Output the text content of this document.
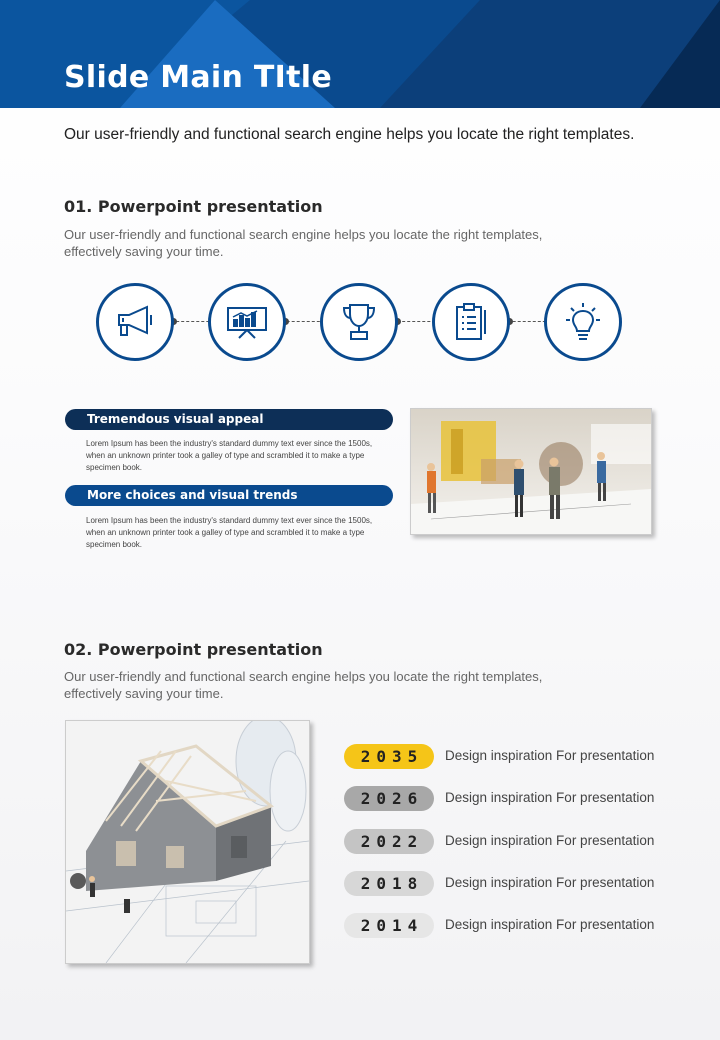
Slide Main TItle
Our user-friendly and functional search engine helps you locate the right templates.
01. Powerpoint presentation
Our user-friendly and functional search engine helps you locate the right templates, effectively saving your time.
Tremendous visual appeal
Lorem Ipsum has been the industry's standard dummy text ever since the 1500s, when an unknown printer took a galley of type and scrambled it to make a type specimen book.
More choices and visual trends
Lorem Ipsum has been the industry's standard dummy text ever since the 1500s, when an unknown printer took a galley of type and scrambled it to make a type specimen book.
02. Powerpoint presentation
Our user-friendly and functional search engine helps you locate the right templates, effectively saving your time.
2035	Design inspiration For presentation
2026	Design inspiration For presentation
2022	Design inspiration For presentation
2018	Design inspiration For presentation
2014	Design inspiration For presentation
